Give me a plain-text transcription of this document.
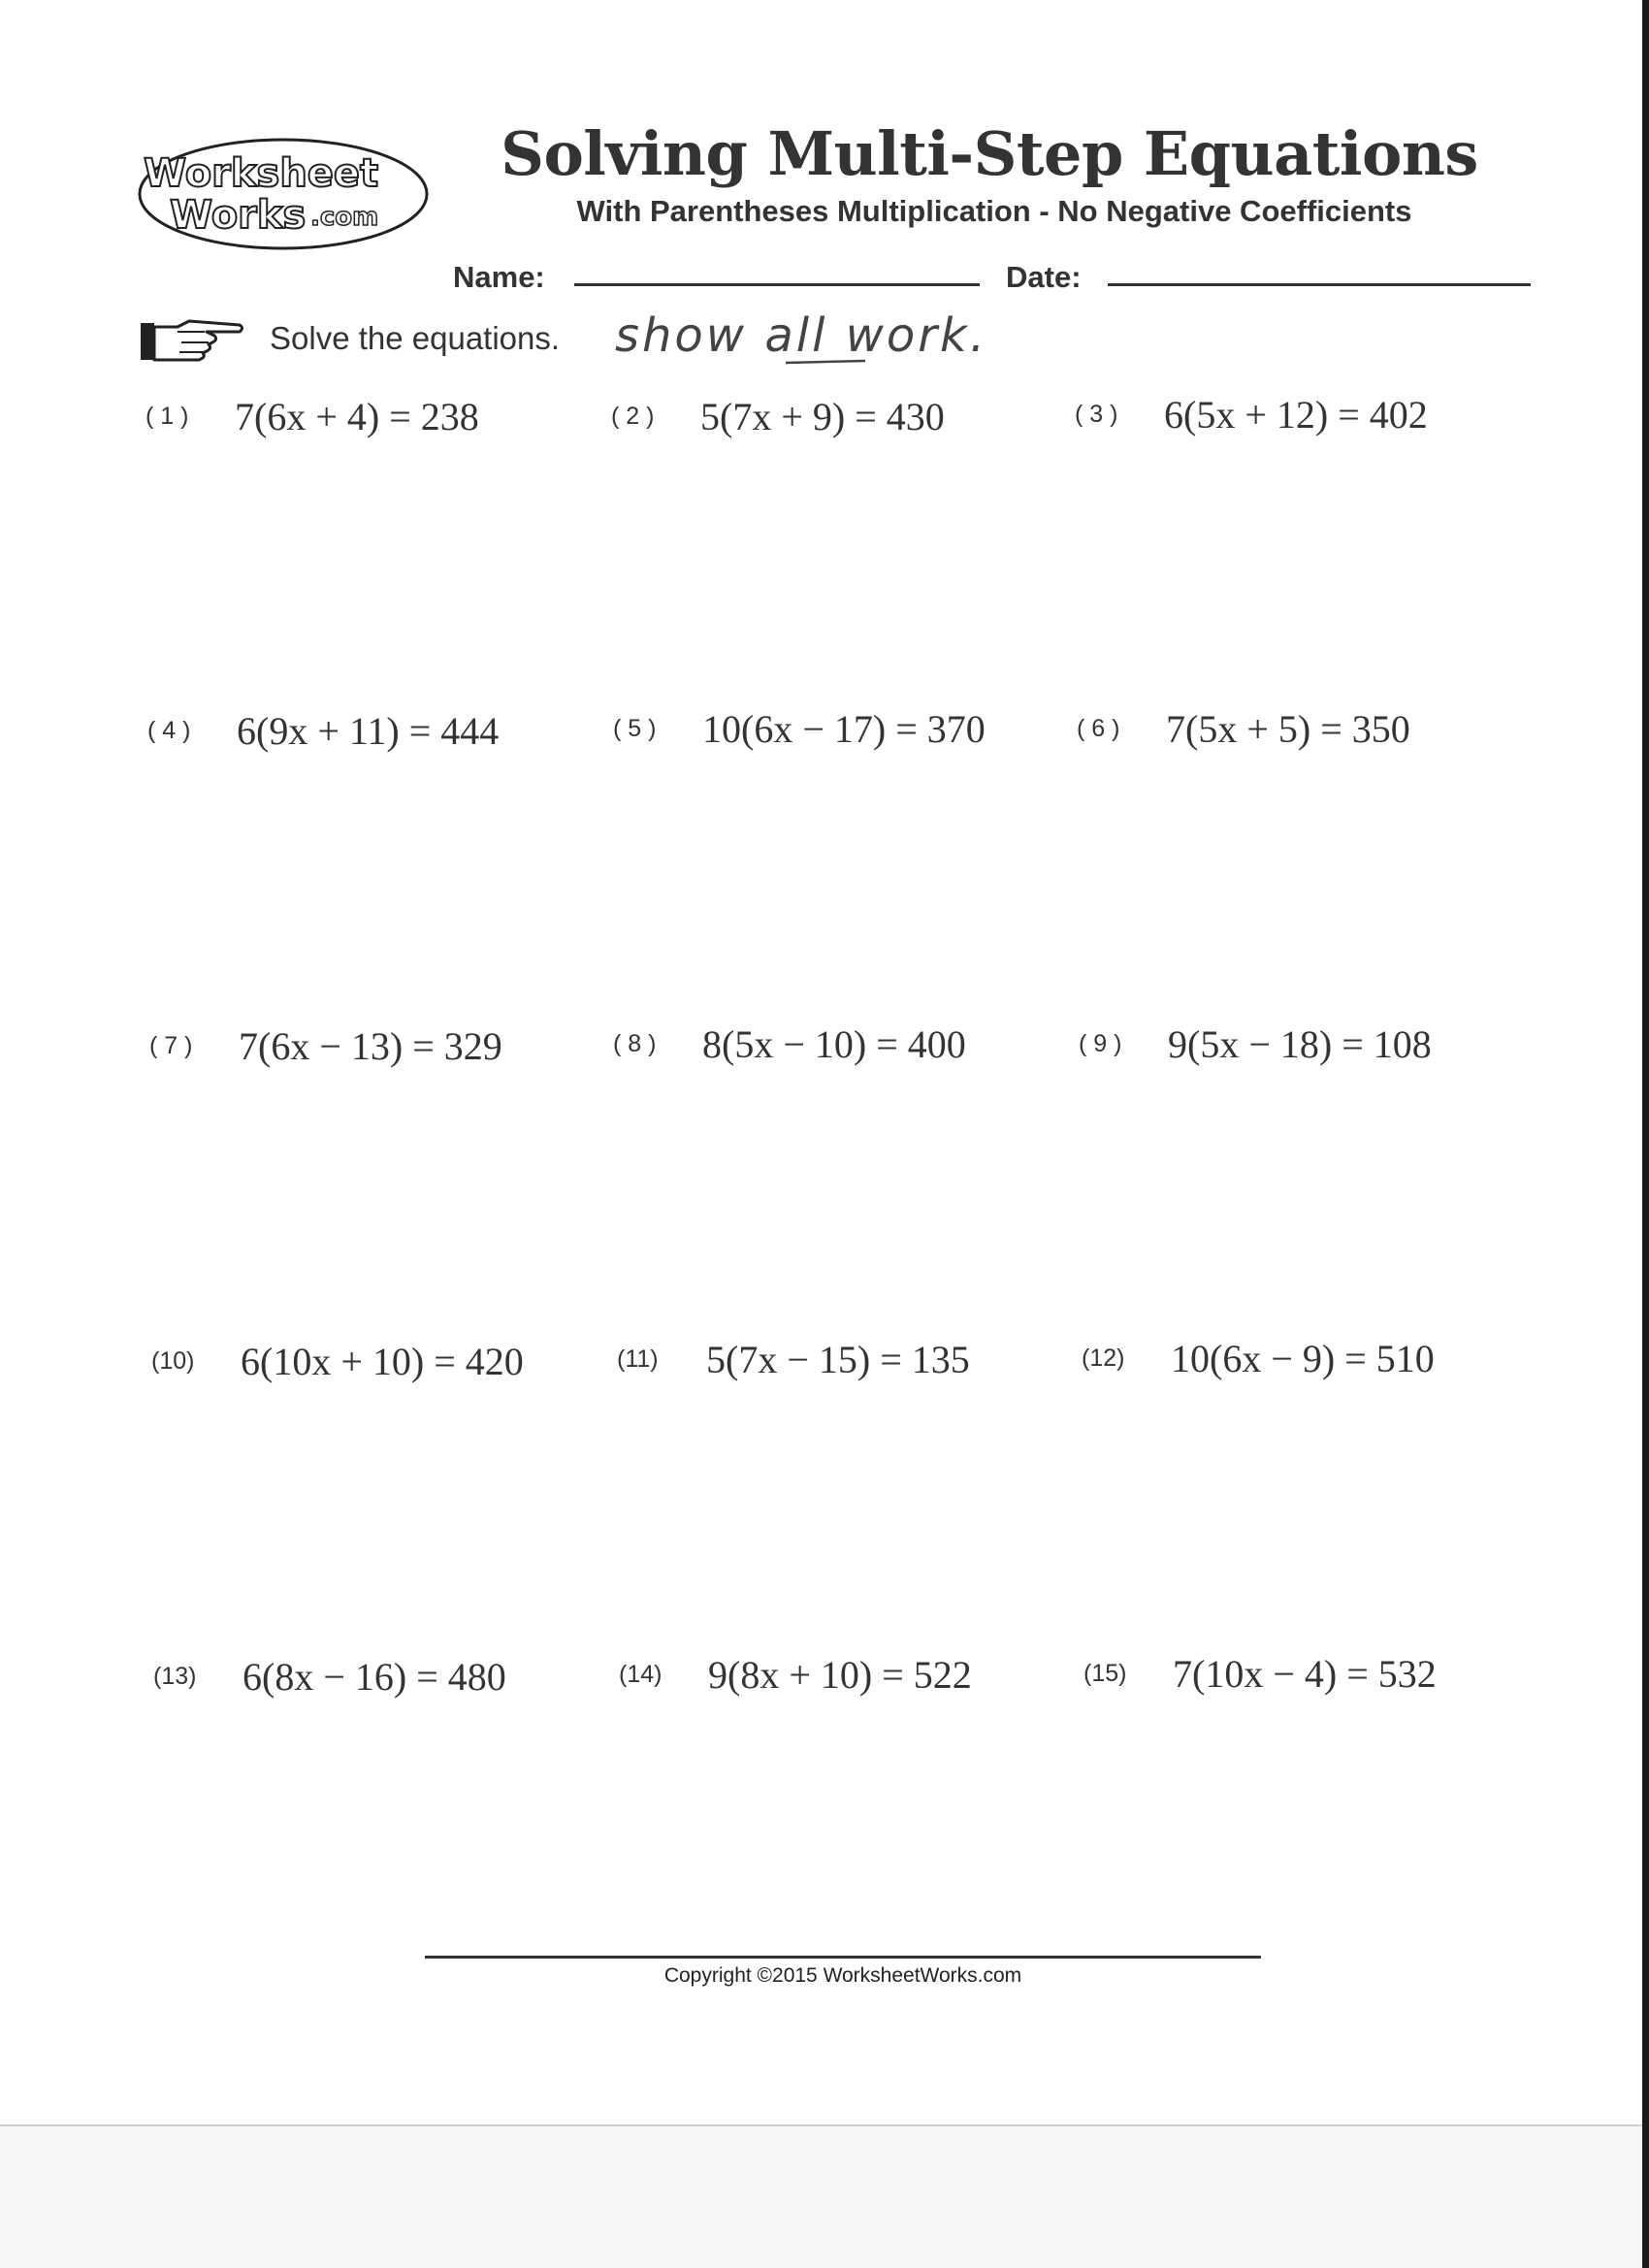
Worksheet
Works .com
Solving Multi-Step Equations
With Parentheses Multiplication - No Negative Coefficients
Name:	Date:
Solve the equations. show all work.
( 1 ) 7(6x + 4) = 238	( 2 ) 5(7x + 9) = 430	( 3 ) 6(5x + 12) = 402
( 4 ) 6(9x + 11) = 444	( 5 ) 10(6x − 17) = 370	( 6 ) 7(5x + 5) = 350
( 7 ) 7(6x − 13) = 329	( 8 ) 8(5x − 10) = 400	( 9 ) 9(5x − 18) = 108
(10) 6(10x + 10) = 420	(11) 5(7x − 15) = 135	(12) 10(6x − 9) = 510
(13) 6(8x − 16) = 480	(14) 9(8x + 10) = 522	(15) 7(10x − 4) = 532
Copyright ©2015 WorksheetWorks.com
